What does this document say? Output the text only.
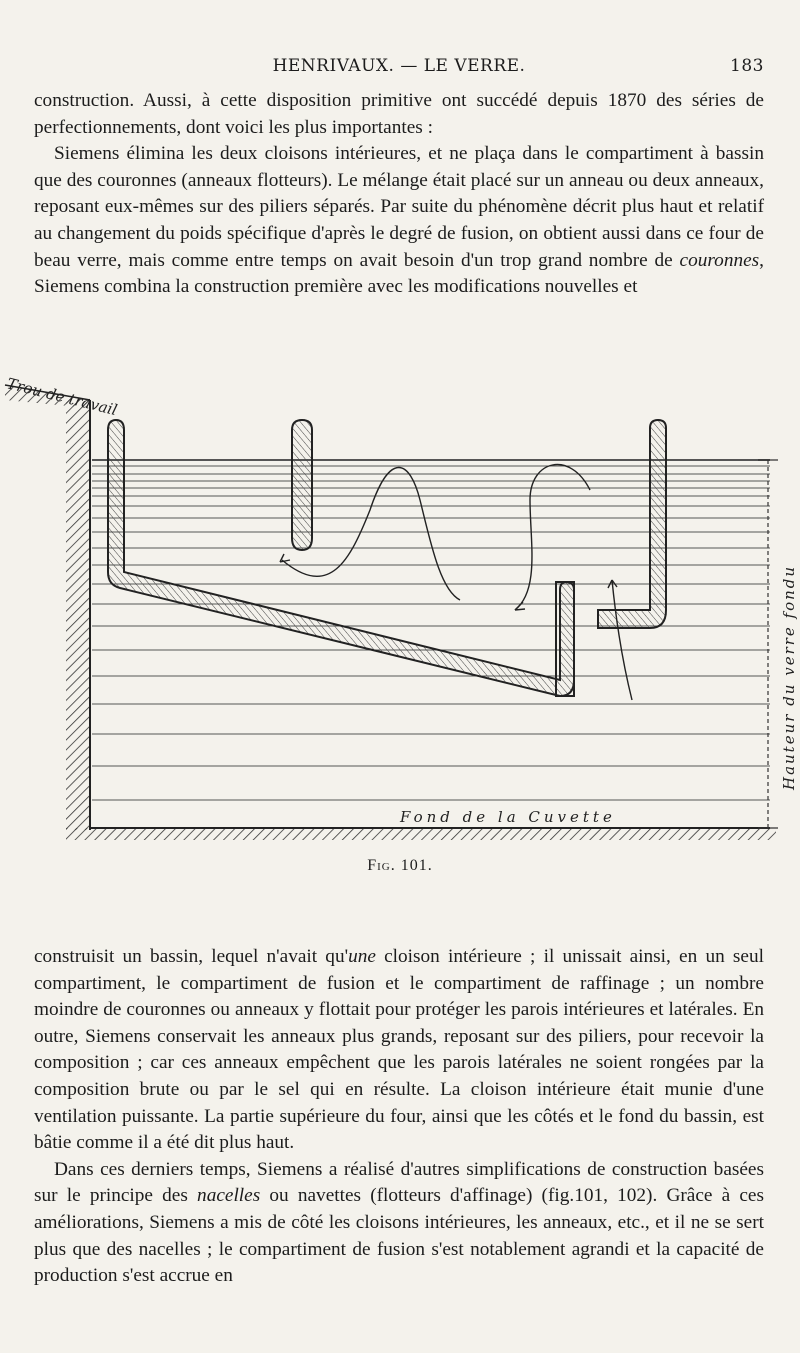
HENRIVAUX. — LE VERRE.	183

construction. Aussi, à cette disposition primitive ont succédé depuis 1870 des séries de perfectionnements, dont voici les plus importantes :

Siemens élimina les deux cloisons intérieures, et ne plaça dans le compartiment à bassin que des couronnes (anneaux flotteurs). Le mélange était placé sur un anneau ou deux anneaux, reposant eux-mêmes sur des piliers séparés. Par suite du phénomène décrit plus haut et relatif au changement du poids spécifique d'après le degré de fusion, on obtient aussi dans ce four de beau verre, mais comme entre temps on avait besoin d'un trop grand nombre de couronnes, Siemens combina la construction première avec les modifications nouvelles et

Trou de travail
Fond de la Cuvette
Hauteur du verre fondu
Fig. 101.

construisit un bassin, lequel n'avait qu'une cloison intérieure ; il unissait ainsi, en un seul compartiment, le compartiment de fusion et le compartiment de raffinage ; un nombre moindre de couronnes ou anneaux y flottait pour protéger les parois intérieures et latérales. En outre, Siemens conservait les anneaux plus grands, reposant sur des piliers, pour recevoir la composition ; car ces anneaux empêchent que les parois latérales ne soient rongées par la composition brute ou par le sel qui en résulte. La cloison intérieure était munie d'une ventilation puissante. La partie supérieure du four, ainsi que les côtés et le fond du bassin, est bâtie comme il a été dit plus haut.

Dans ces derniers temps, Siemens a réalisé d'autres simplifications de construction basées sur le principe des nacelles ou navettes (flotteurs d'affinage) (fig.101, 102). Grâce à ces améliorations, Siemens a mis de côté les cloisons intérieures, les anneaux, etc., et il ne se sert plus que des nacelles ; le compartiment de fusion s'est notablement agrandi et la capacité de production s'est accrue en
